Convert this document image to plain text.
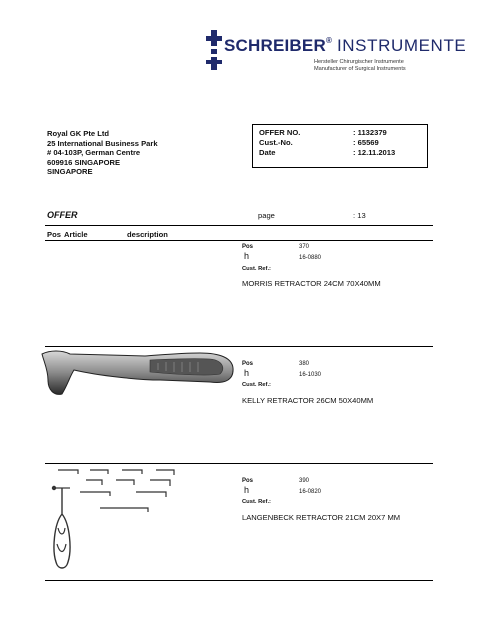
SCHREIBER® INSTRUMENTE
Hersteller Chirurgischer Instrumente
Manufacturer of Surgical Instruments
Royal GK Pte Ltd
25 International Business Park
# 04-103P, German Centre
609916 SINGAPORE
SINGAPORE
OFFER NO.	: 1132379
Cust.-No.	: 65569
Date	: 12.11.2013
OFFER	page	: 13
Pos Article	description
Pos	370
h	16-0880
Cust. Ref.:
MORRIS RETRACTOR 24CM 70X40MM
Pos	380
h	16-1030
Cust. Ref.:
KELLY RETRACTOR 26CM 50X40MM
Pos	390
h	16-0820
Cust. Ref.:
LANGENBECK RETRACTOR 21CM 20X7 MM
